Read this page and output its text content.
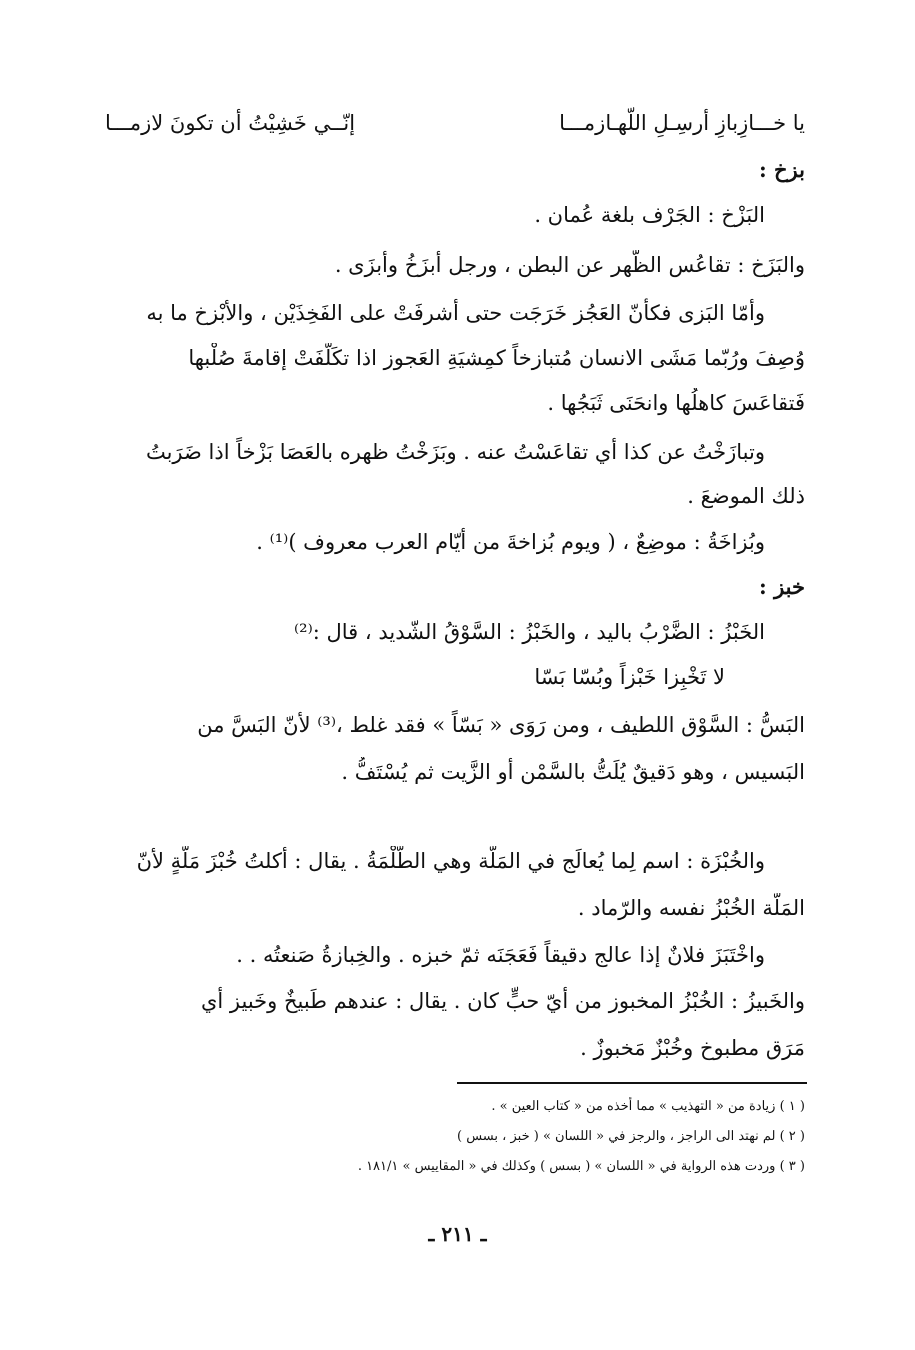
يا خـــازِبازِ أرسِـلِ اللّهـازمـــا
إنّــي خَشِيْتُ أن تكونَ لازمـــا
بزخ :
البَزْخ : الجَرْف بلغة عُمان .
والبَزَخ : تقاعُس الظَّهر عن البطن ، ورجل أبزَخُ وأبزَى .
وأمّا البَزى فكأنّ العَجُز خَرَجَت حتى أشرفَتْ على الفَخِذَيْن ، والأبْزخ ما به
وُصِفَ ورُبّما مَشَى الانسان مُتبازخاً كمِشيَةِ العَجوز اذا تكَلّفَتْ إقامةَ صُلْبها
فَتقاعَسَ كاهلُها وانحَنَى ثَبَجُها .
وتبازَخْتُ عن كذا أي تقاعَسْتُ عنه . وبَزَخْتُ ظهره بالعَصَا بَزْخاً اذا ضَرَبتُ
ذلك الموضعَ .
وبُزاخَةُ : موضِعٌ ، ( ويوم بُزاخةَ من أيّام العرب معروف )⁽¹⁾ .
خبز :
الخَبْزُ : الضَّرْبُ باليد ، والخَبْزُ : السَّوْقُ الشّديد ، قال :⁽²⁾
لا تَخْبِزا خَبْزاً وبُسّا بَسّا
البَسُّ : السَّوْق اللطيف ، ومن رَوَى « بَسّاً » فقد غلط ،⁽³⁾ لأنّ البَسَّ من
البَسيس ، وهو دَقيقٌ يُلَتُّ بالسَّمْن أو الزَّيت ثم يُسْتَفُّ .
والخُبْزَة : اسم لِما يُعالَج في المَلّة وهي الطُّلْمَةُ . يقال : أكلتُ خُبْزَ مَلّةٍ لأنّ
المَلّة الخُبْزُ نفسه والرّماد .
واخْتَبَزَ فلانٌ إذا عالج دقيقاً فَعَجَنَه ثمّ خبزه . والخِبازةُ صَنعتُه . .
والخَبيزُ : الخُبْزُ المخبوز من أيّ حبٍّ كان . يقال : عندهم طَبيخٌ وخَبيز أي
مَرَق مطبوخ وخُبْزٌ مَخبوزٌ .
( ١ ) زيادة من « التهذيب » مما أخذه من « كتاب العين » .
( ٢ ) لم نهتد الى الراجز ، والرجز في « اللسان » ( خبز ، بسس )
( ٣ ) وردت هذه الرواية في « اللسان » ( بسس ) وكذلك في « المقاييس » ١٨١/١ .
ـ ٢١١ ـ
